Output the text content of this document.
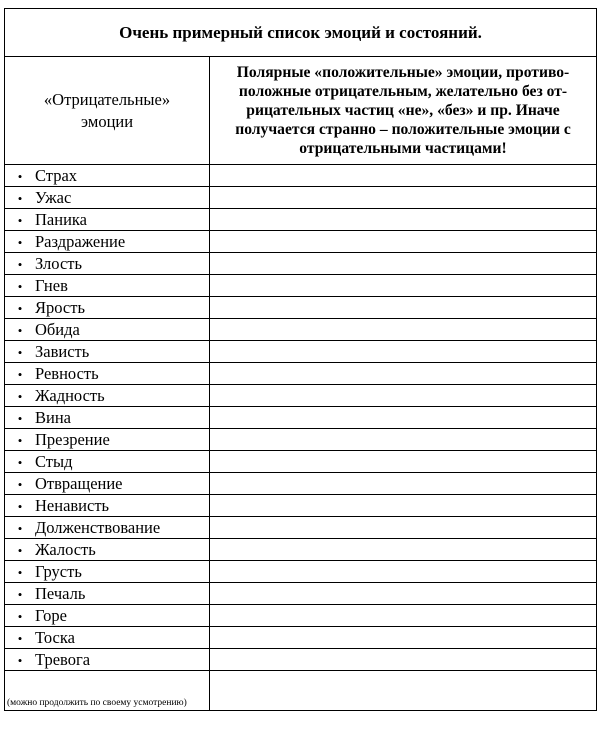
Очень примерный список эмоций и состояний.	
«Отрицательные» эмоции	Полярные «положительные» эмоции, противо-
положные отрицательным, желательно без от-
рицательных частиц «не», «без» и пр. Иначе
получается странно – положительные эмоции с
отрицательными частицами!

• Страх	
• Ужас	
• Паника	
• Раздражение	
• Злость	
• Гнев	
• Ярость	
• Обида	
• Зависть	
• Ревность	
• Жадность	
• Вина	
• Презрение	
• Стыд	
• Отвращение	
• Ненависть	
• Долженствование	
• Жалость	
• Грусть	
• Печаль	
• Горе	
• Тоска	
• Тревога	
(можно продолжить по своему усмотрению)	
